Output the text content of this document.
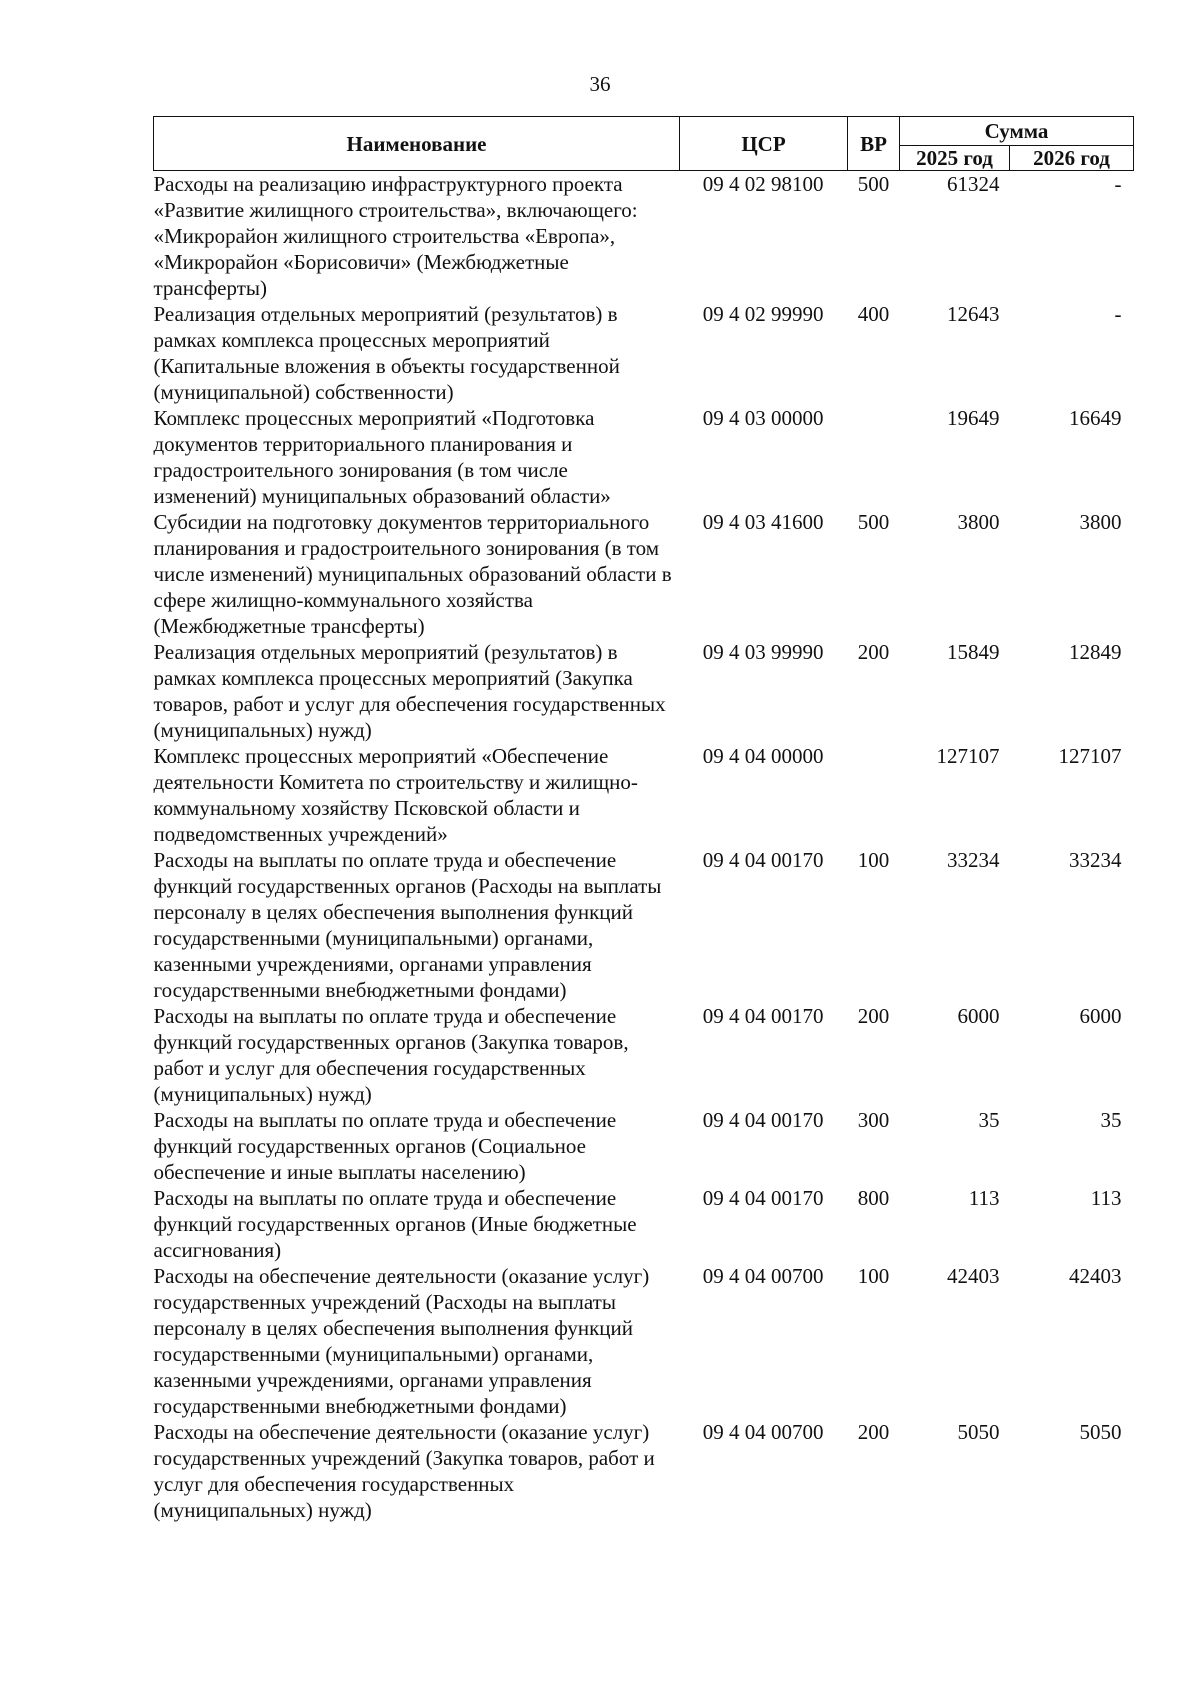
36
Наименование	ЦСР	ВР	Сумма	
			2025 год	2026 год
Расходы на реализацию инфраструктурного проекта «Развитие жилищного строительства», включающего: «Микрорайон жилищного строительства «Европа», «Микрорайон «Борисовичи» (Межбюджетные трансферты)	09 4 02 98100	500	61324	-
Реализация отдельных мероприятий (результатов) в рамках комплекса процессных мероприятий (Капитальные вложения в объекты государственной (муниципальной) собственности)	09 4 02 99990	400	12643	-
Комплекс процессных мероприятий «Подготовка документов территориального планирования и градостроительного зонирования (в том числе изменений) муниципальных образований области»	09 4 03 00000		19649	16649
Субсидии на подготовку документов территориального планирования и градостроительного зонирования (в том числе изменений) муниципальных образований области в сфере жилищно-коммунального хозяйства (Межбюджетные трансферты)	09 4 03 41600	500	3800	3800
Реализация отдельных мероприятий (результатов) в рамках комплекса процессных мероприятий (Закупка товаров, работ и услуг для обеспечения государственных (муниципальных) нужд)	09 4 03 99990	200	15849	12849
Комплекс процессных мероприятий «Обеспечение деятельности Комитета по строительству и жилищно-коммунальному хозяйству Псковской области и подведомственных учреждений»	09 4 04 00000		127107	127107
Расходы на выплаты по оплате труда и обеспечение функций государственных органов (Расходы на выплаты персоналу в целях обеспечения выполнения функций государственными (муниципальными) органами, казенными учреждениями, органами управления государственными внебюджетными фондами)	09 4 04 00170	100	33234	33234
Расходы на выплаты по оплате труда и обеспечение функций государственных органов (Закупка товаров, работ и услуг для обеспечения государственных (муниципальных) нужд)	09 4 04 00170	200	6000	6000
Расходы на выплаты по оплате труда и обеспечение функций государственных органов (Социальное обеспечение и иные выплаты населению)	09 4 04 00170	300	35	35
Расходы на выплаты по оплате труда и обеспечение функций государственных органов (Иные бюджетные ассигнования)	09 4 04 00170	800	113	113
Расходы на обеспечение деятельности (оказание услуг) государственных учреждений (Расходы на выплаты персоналу в целях обеспечения выполнения функций государственными (муниципальными) органами, казенными учреждениями, органами управления государственными внебюджетными фондами)	09 4 04 00700	100	42403	42403
Расходы на обеспечение деятельности (оказание услуг) государственных учреждений (Закупка товаров, работ и услуг для обеспечения государственных (муниципальных) нужд)	09 4 04 00700	200	5050	5050
